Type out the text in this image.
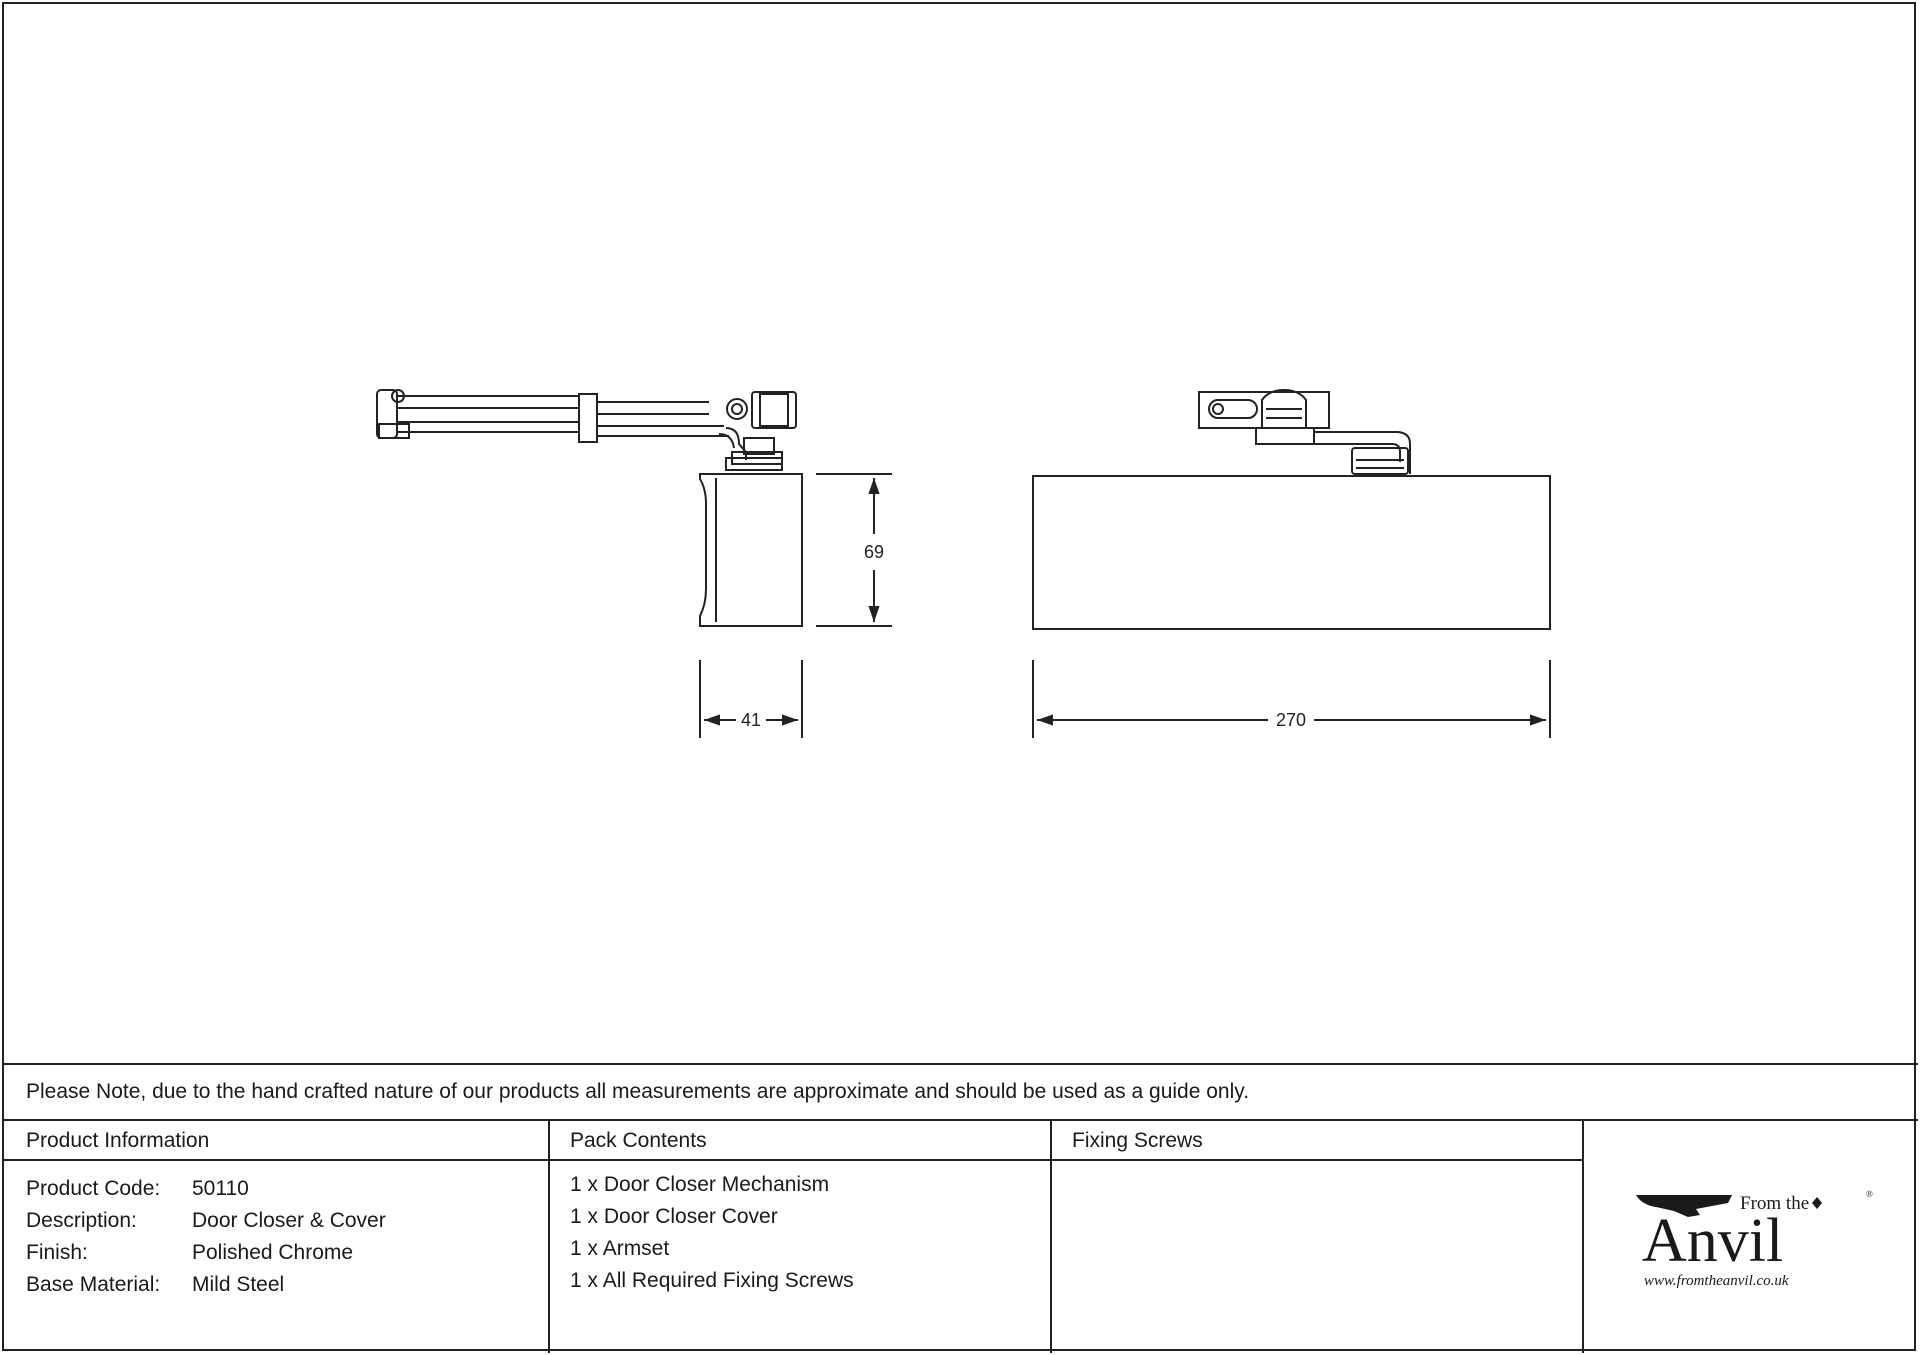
69
41	270
Please Note, due to the hand crafted nature of our products all measurements are approximate and should be used as a guide only.
Product Information
Product Code:	50110
Description:	Door Closer & Cover
Finish:	Polished Chrome
Base Material:	Mild Steel
Pack Contents
1 x Door Closer Mechanism
1 x Door Closer Cover
1 x Armset
1 x All Required Fixing Screws
Fixing Screws
From the	®
Anvil
www.fromtheanvil.co.uk
